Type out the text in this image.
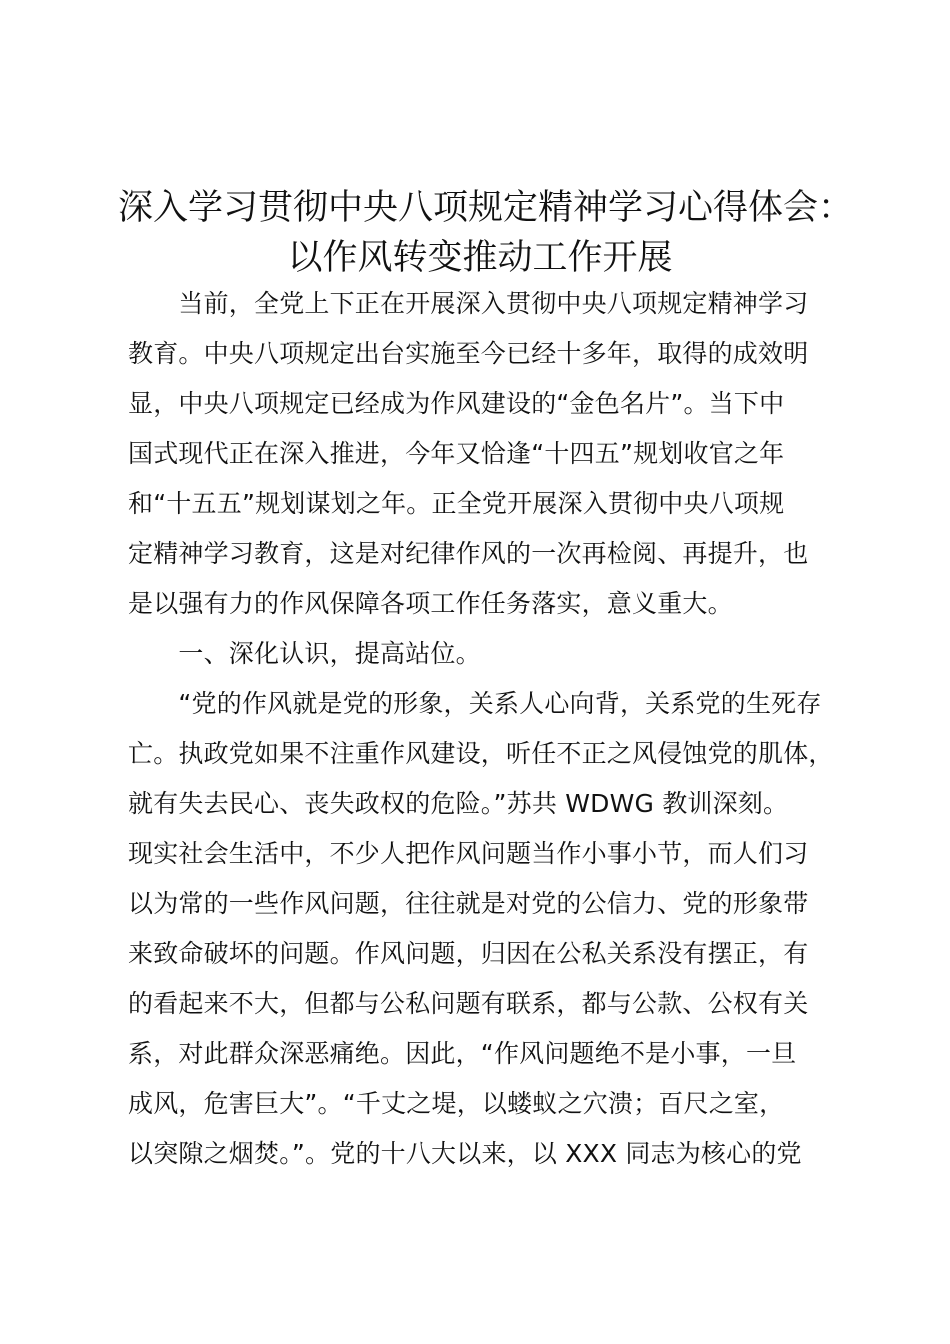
深入学习贯彻中央八项规定精神学习心得体会：
以作风转变推动工作开展
　　当前，全党上下正在开展深入贯彻中央八项规定精神学习
教育。中央八项规定出台实施至今已经十多年，取得的成效明
显，中央八项规定已经成为作风建设的“金色名片”。当下中
国式现代正在深入推进，今年又恰逢“十四五”规划收官之年
和“十五五”规划谋划之年。正全党开展深入贯彻中央八项规
定精神学习教育，这是对纪律作风的一次再检阅、再提升，也
是以强有力的作风保障各项工作任务落实，意义重大。
　　一、深化认识，提高站位。
　　“党的作风就是党的形象，关系人心向背，关系党的生死存
亡。执政党如果不注重作风建设，听任不正之风侵蚀党的肌体，
就有失去民心、丧失政权的危险。”苏共 WDWG 教训深刻。
现实社会生活中，不少人把作风问题当作小事小节，而人们习
以为常的一些作风问题，往往就是对党的公信力、党的形象带
来致命破坏的问题。作风问题，归因在公私关系没有摆正，有
的看起来不大，但都与公私问题有联系，都与公款、公权有关
系，对此群众深恶痛绝。因此，“作风问题绝不是小事，一旦
成风，危害巨大”。“千丈之堤，以蝼蚁之穴溃；百尺之室，
以突隙之烟焚。”。党的十八大以来，以 XXX 同志为核心的党
